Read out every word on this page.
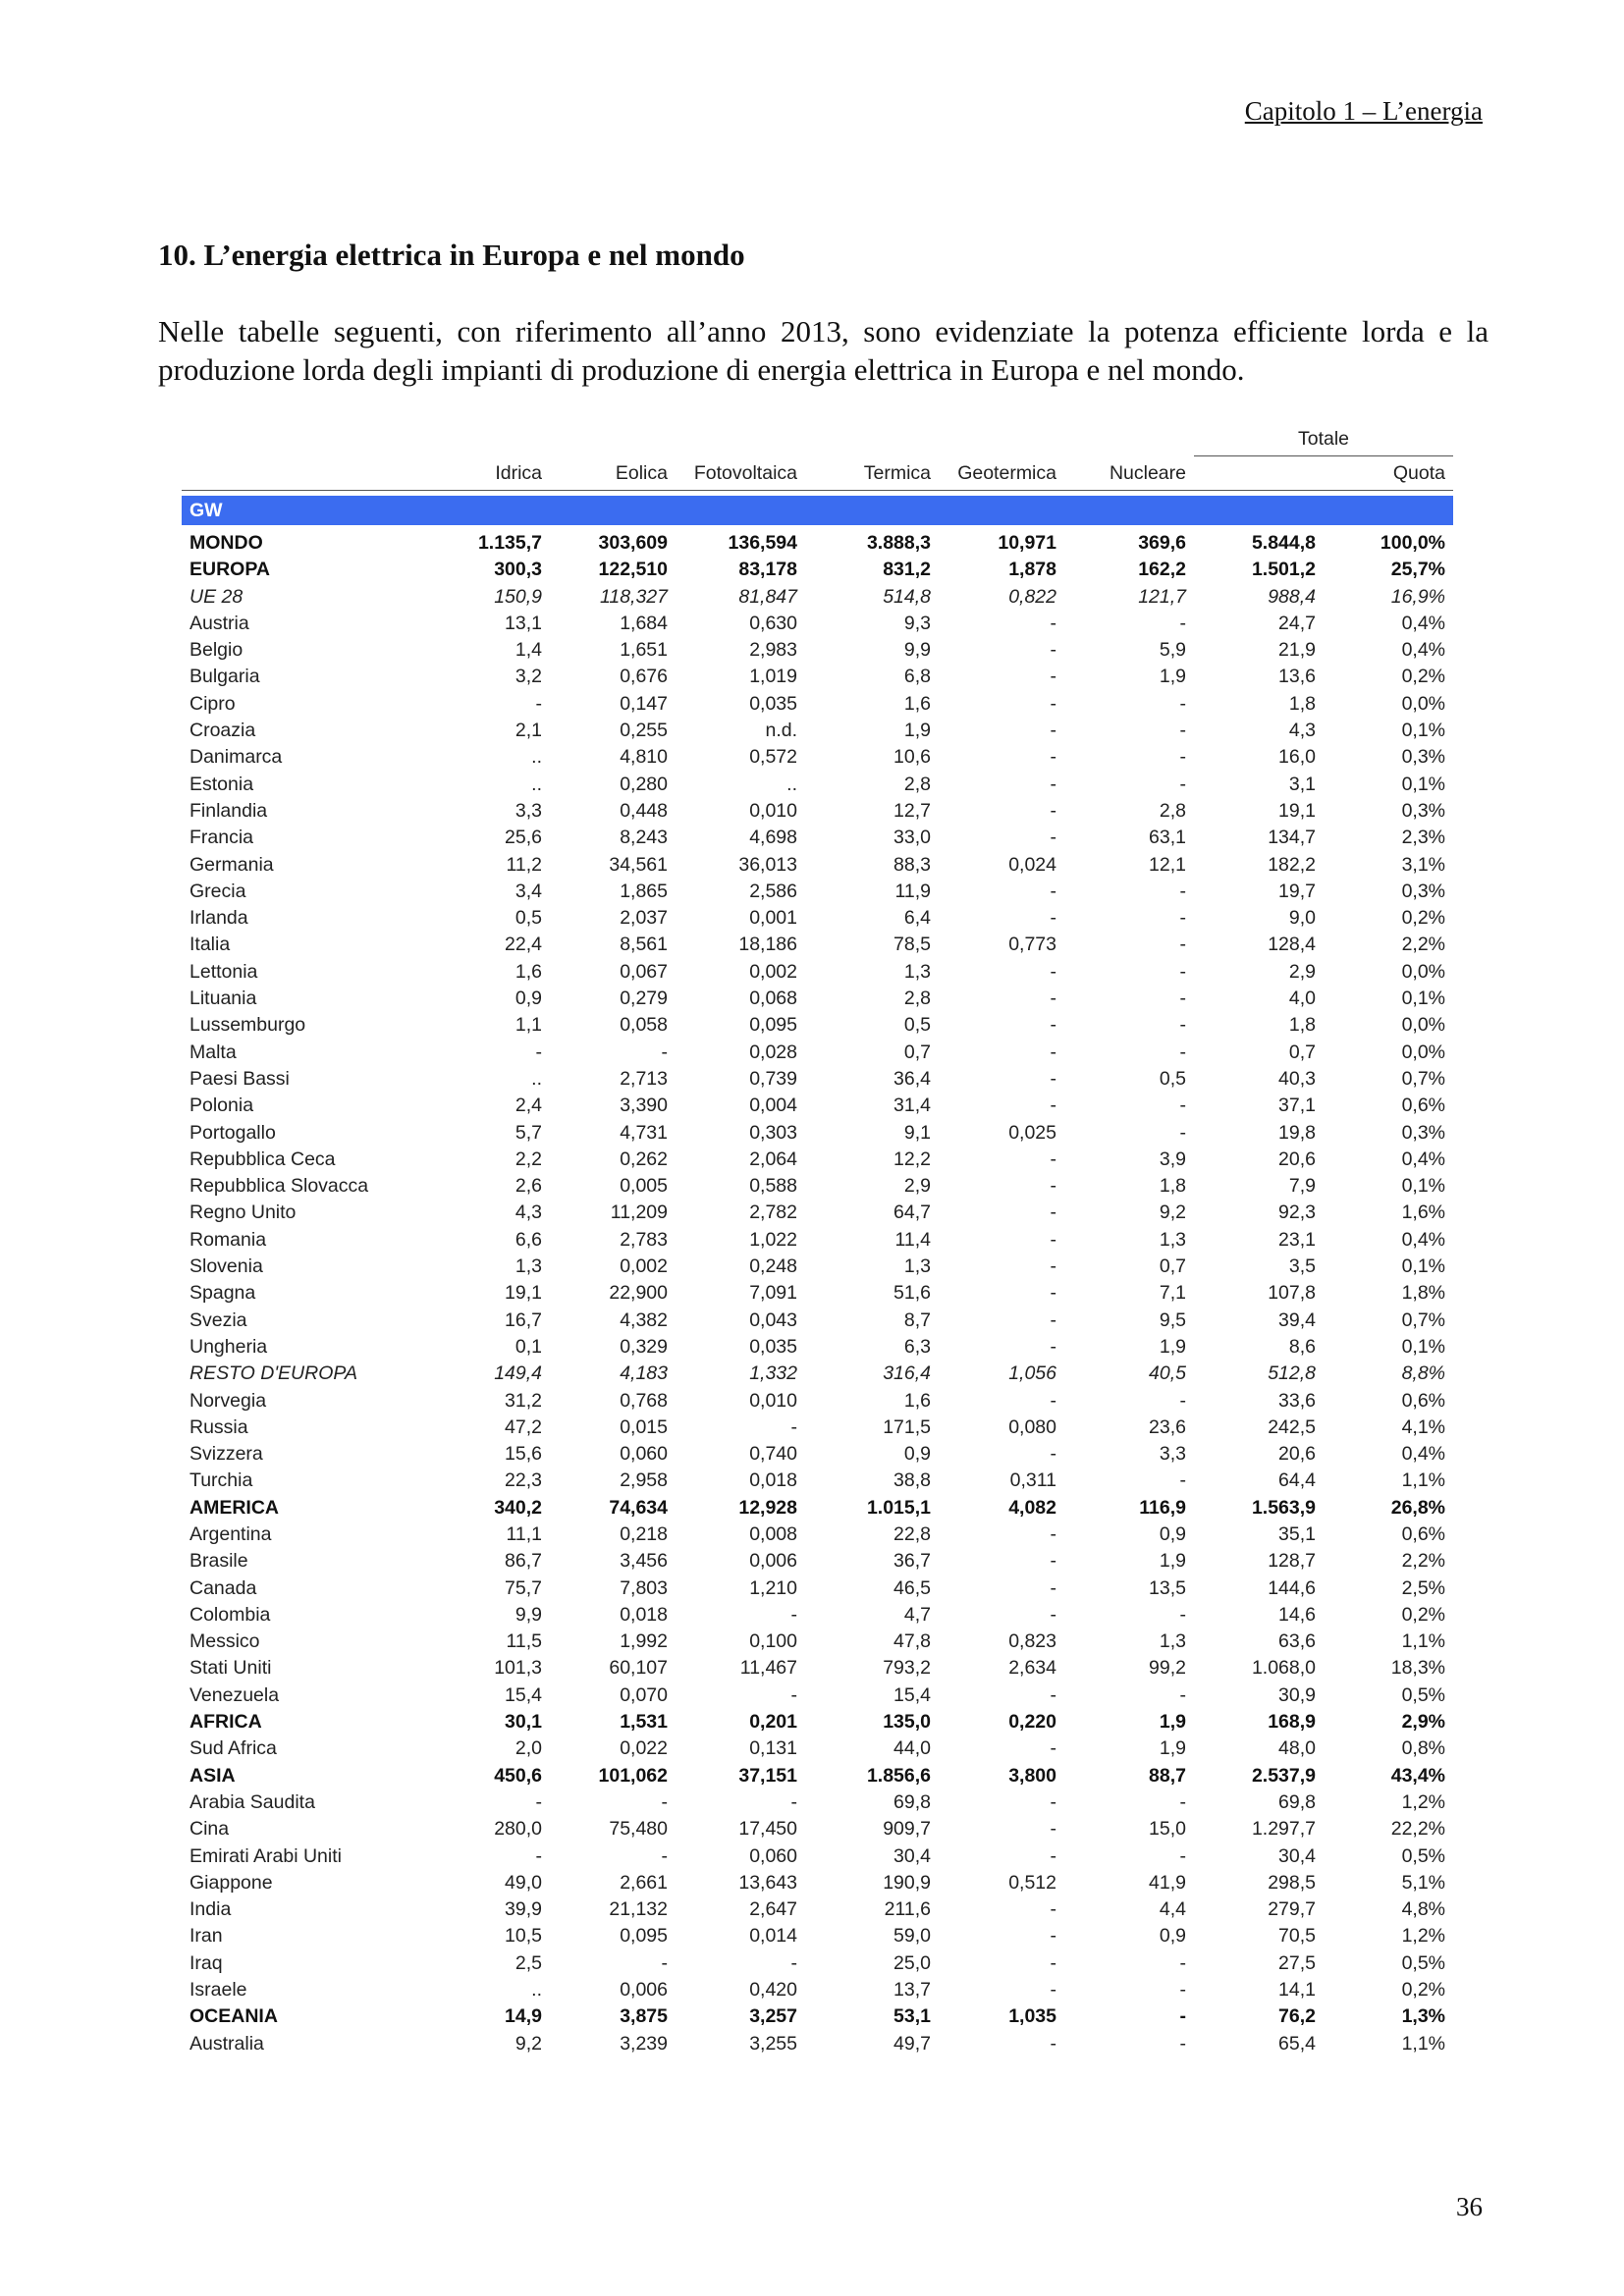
Capitolo 1 – L’energia
10. L’energia elettrica in Europa e nel mondo

Nelle tabelle seguenti, con riferimento all’anno 2013, sono evidenziate la potenza efficiente lorda e la produzione lorda degli impianti di produzione di energia elettrica in Europa e nel mondo.

							Totale	
	Idrica	Eolica	Fotovoltaica	Termica	Geotermica	Nucleare		Quota

GW								

MONDO	1.135,7	303,609	136,594	3.888,3	10,971	369,6	5.844,8	100,0%
EUROPA	300,3	122,510	83,178	831,2	1,878	162,2	1.501,2	25,7%
UE 28	150,9	118,327	81,847	514,8	0,822	121,7	988,4	16,9%
Austria	13,1	1,684	0,630	9,3	-	-	24,7	0,4%
Belgio	1,4	1,651	2,983	9,9	-	5,9	21,9	0,4%
Bulgaria	3,2	0,676	1,019	6,8	-	1,9	13,6	0,2%
Cipro	-	0,147	0,035	1,6	-	-	1,8	0,0%
Croazia	2,1	0,255	n.d.	1,9	-	-	4,3	0,1%
Danimarca	..	4,810	0,572	10,6	-	-	16,0	0,3%
Estonia	..	0,280	..	2,8	-	-	3,1	0,1%
Finlandia	3,3	0,448	0,010	12,7	-	2,8	19,1	0,3%
Francia	25,6	8,243	4,698	33,0	-	63,1	134,7	2,3%
Germania	11,2	34,561	36,013	88,3	0,024	12,1	182,2	3,1%
Grecia	3,4	1,865	2,586	11,9	-	-	19,7	0,3%
Irlanda	0,5	2,037	0,001	6,4	-	-	9,0	0,2%
Italia	22,4	8,561	18,186	78,5	0,773	-	128,4	2,2%
Lettonia	1,6	0,067	0,002	1,3	-	-	2,9	0,0%
Lituania	0,9	0,279	0,068	2,8	-	-	4,0	0,1%
Lussemburgo	1,1	0,058	0,095	0,5	-	-	1,8	0,0%
Malta	-	-	0,028	0,7	-	-	0,7	0,0%
Paesi Bassi	..	2,713	0,739	36,4	-	0,5	40,3	0,7%
Polonia	2,4	3,390	0,004	31,4	-	-	37,1	0,6%
Portogallo	5,7	4,731	0,303	9,1	0,025	-	19,8	0,3%
Repubblica Ceca	2,2	0,262	2,064	12,2	-	3,9	20,6	0,4%
Repubblica Slovacca	2,6	0,005	0,588	2,9	-	1,8	7,9	0,1%
Regno Unito	4,3	11,209	2,782	64,7	-	9,2	92,3	1,6%
Romania	6,6	2,783	1,022	11,4	-	1,3	23,1	0,4%
Slovenia	1,3	0,002	0,248	1,3	-	0,7	3,5	0,1%
Spagna	19,1	22,900	7,091	51,6	-	7,1	107,8	1,8%
Svezia	16,7	4,382	0,043	8,7	-	9,5	39,4	0,7%
Ungheria	0,1	0,329	0,035	6,3	-	1,9	8,6	0,1%
RESTO D'EUROPA	149,4	4,183	1,332	316,4	1,056	40,5	512,8	8,8%
Norvegia	31,2	0,768	0,010	1,6	-	-	33,6	0,6%
Russia	47,2	0,015	-	171,5	0,080	23,6	242,5	4,1%
Svizzera	15,6	0,060	0,740	0,9	-	3,3	20,6	0,4%
Turchia	22,3	2,958	0,018	38,8	0,311	-	64,4	1,1%
AMERICA	340,2	74,634	12,928	1.015,1	4,082	116,9	1.563,9	26,8%
Argentina	11,1	0,218	0,008	22,8	-	0,9	35,1	0,6%
Brasile	86,7	3,456	0,006	36,7	-	1,9	128,7	2,2%
Canada	75,7	7,803	1,210	46,5	-	13,5	144,6	2,5%
Colombia	9,9	0,018	-	4,7	-	-	14,6	0,2%
Messico	11,5	1,992	0,100	47,8	0,823	1,3	63,6	1,1%
Stati Uniti	101,3	60,107	11,467	793,2	2,634	99,2	1.068,0	18,3%
Venezuela	15,4	0,070	-	15,4	-	-	30,9	0,5%
AFRICA	30,1	1,531	0,201	135,0	0,220	1,9	168,9	2,9%
Sud Africa	2,0	0,022	0,131	44,0	-	1,9	48,0	0,8%
ASIA	450,6	101,062	37,151	1.856,6	3,800	88,7	2.537,9	43,4%
Arabia Saudita	-	-	-	69,8	-	-	69,8	1,2%
Cina	280,0	75,480	17,450	909,7	-	15,0	1.297,7	22,2%
Emirati Arabi Uniti	-	-	0,060	30,4	-	-	30,4	0,5%
Giappone	49,0	2,661	13,643	190,9	0,512	41,9	298,5	5,1%
India	39,9	21,132	2,647	211,6	-	4,4	279,7	4,8%
Iran	10,5	0,095	0,014	59,0	-	0,9	70,5	1,2%
Iraq	2,5	-	-	25,0	-	-	27,5	0,5%
Israele	..	0,006	0,420	13,7	-	-	14,1	0,2%
OCEANIA	14,9	3,875	3,257	53,1	1,035	-	76,2	1,3%
Australia	9,2	3,239	3,255	49,7	-	-	65,4	1,1%
36
